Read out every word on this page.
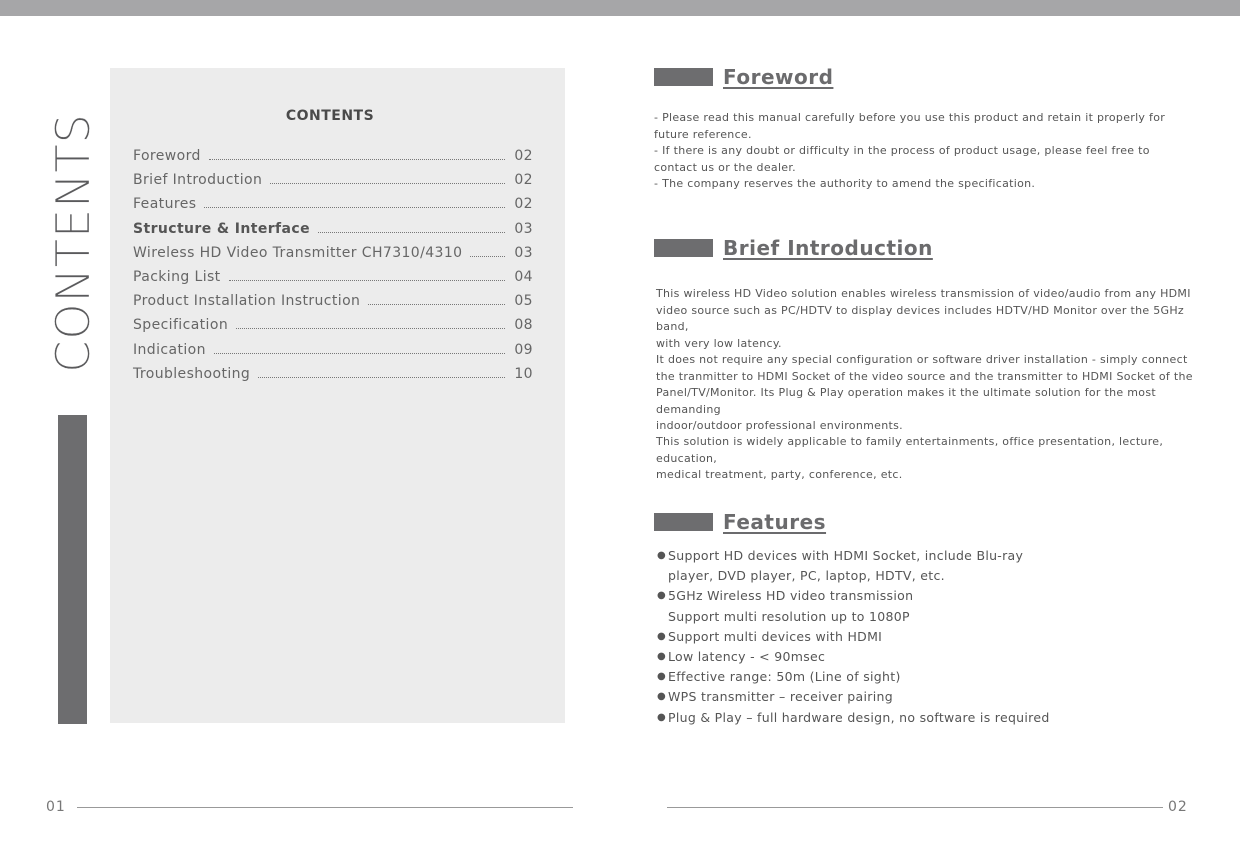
CONTENTS	CONTENTS
Foreword	02
Brief Introduction	02
Features	02
Structure & Interface	03
Wireless HD Video Transmitter CH7310/4310	03
Packing List	04
Product Installation Instruction	05
Specification	08
Indication	09
Troubleshooting	10
01
Foreword

- Please read this manual carefully before you use this product and retain it properly for

future reference.

- If there is any doubt or difficulty in the process of product usage, please feel free to

contact us or the dealer.

- The company reserves the authority to amend the specification.

Brief Introduction

This wireless HD Video solution enables wireless transmission of video/audio from any HDMI

video source such as PC/HDTV to display devices includes HDTV/HD Monitor over the 5GHz band,

with very low latency.

It does not require any special configuration or software driver installation - simply connect

the tranmitter to HDMI Socket of the video source and the transmitter to HDMI Socket of the

Panel/TV/Monitor. Its Plug & Play operation makes it the ultimate solution for the most demanding

indoor/outdoor professional environments.

This solution is widely applicable to family entertainments, office presentation, lecture, education,

medical treatment, party, conference, etc.

Features
● Support HD devices with HDMI Socket, include Blu-ray
player, DVD player, PC, laptop, HDTV, etc.
● 5GHz Wireless HD video transmission
Support multi resolution up to 1080P
● Support multi devices with HDMI
● Low latency - < 90msec
● Effective range: 50m (Line of sight)
● WPS transmitter – receiver pairing
● Plug & Play – full hardware design, no software is required
02
